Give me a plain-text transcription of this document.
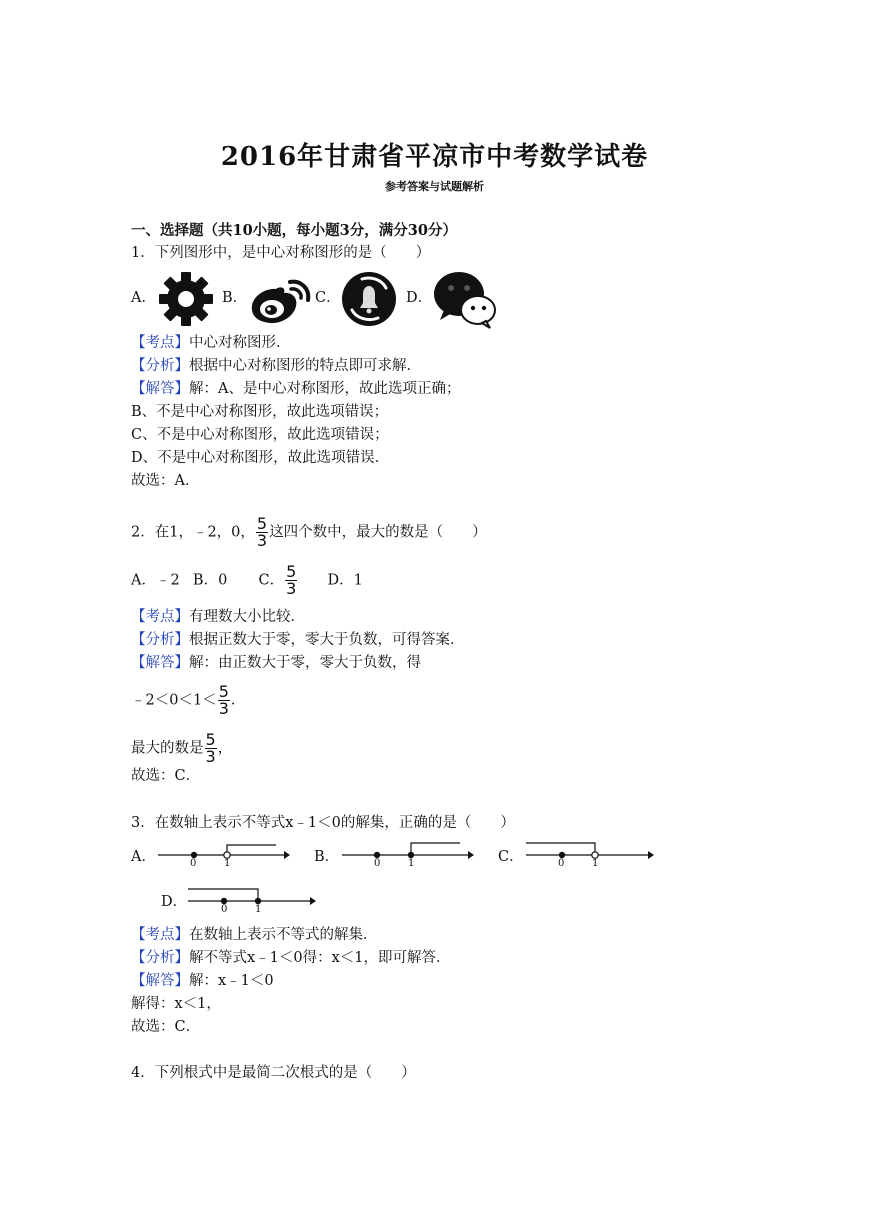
2016年甘肃省平凉市中考数学试卷
参考答案与试题解析
一、选择题（共10小题，每小题3分，满分30分）
1．下列图形中，是中心对称图形的是（　　）
A．	B．	C．	D．
【考点】中心对称图形．
【分析】根据中心对称图形的特点即可求解．
【解答】解：A、是中心对称图形，故此选项正确；
B、不是中心对称图形，故此选项错误；
C、不是中心对称图形，故此选项错误；
D、不是中心对称图形，故此选项错误．
故选：A．
2．在1，﹣2，0， $\frac{5}{3}$ 这四个数中，最大的数是（　　）
A．﹣2 B．0 C． $\frac{5}{3}$ D．1
【考点】有理数大小比较．
【分析】根据正数大于零，零大于负数，可得答案．
【解答】解：由正数大于零，零大于负数，得
﹣2＜0＜1＜ $\frac{5}{3}$ ．
最大的数是 $\frac{5}{3}$ ，
故选：C．
3．在数轴上表示不等式x﹣1＜0的解集，正确的是（　　）
A．	0	1	B．	0	1	C．	0	1
D．	0	1
【考点】在数轴上表示不等式的解集．
【分析】解不等式x﹣1＜0得：x＜1，即可解答．
【解答】解：x﹣1＜0
解得：x＜1，
故选：C．
4．下列根式中是最简二次根式的是（　　）
